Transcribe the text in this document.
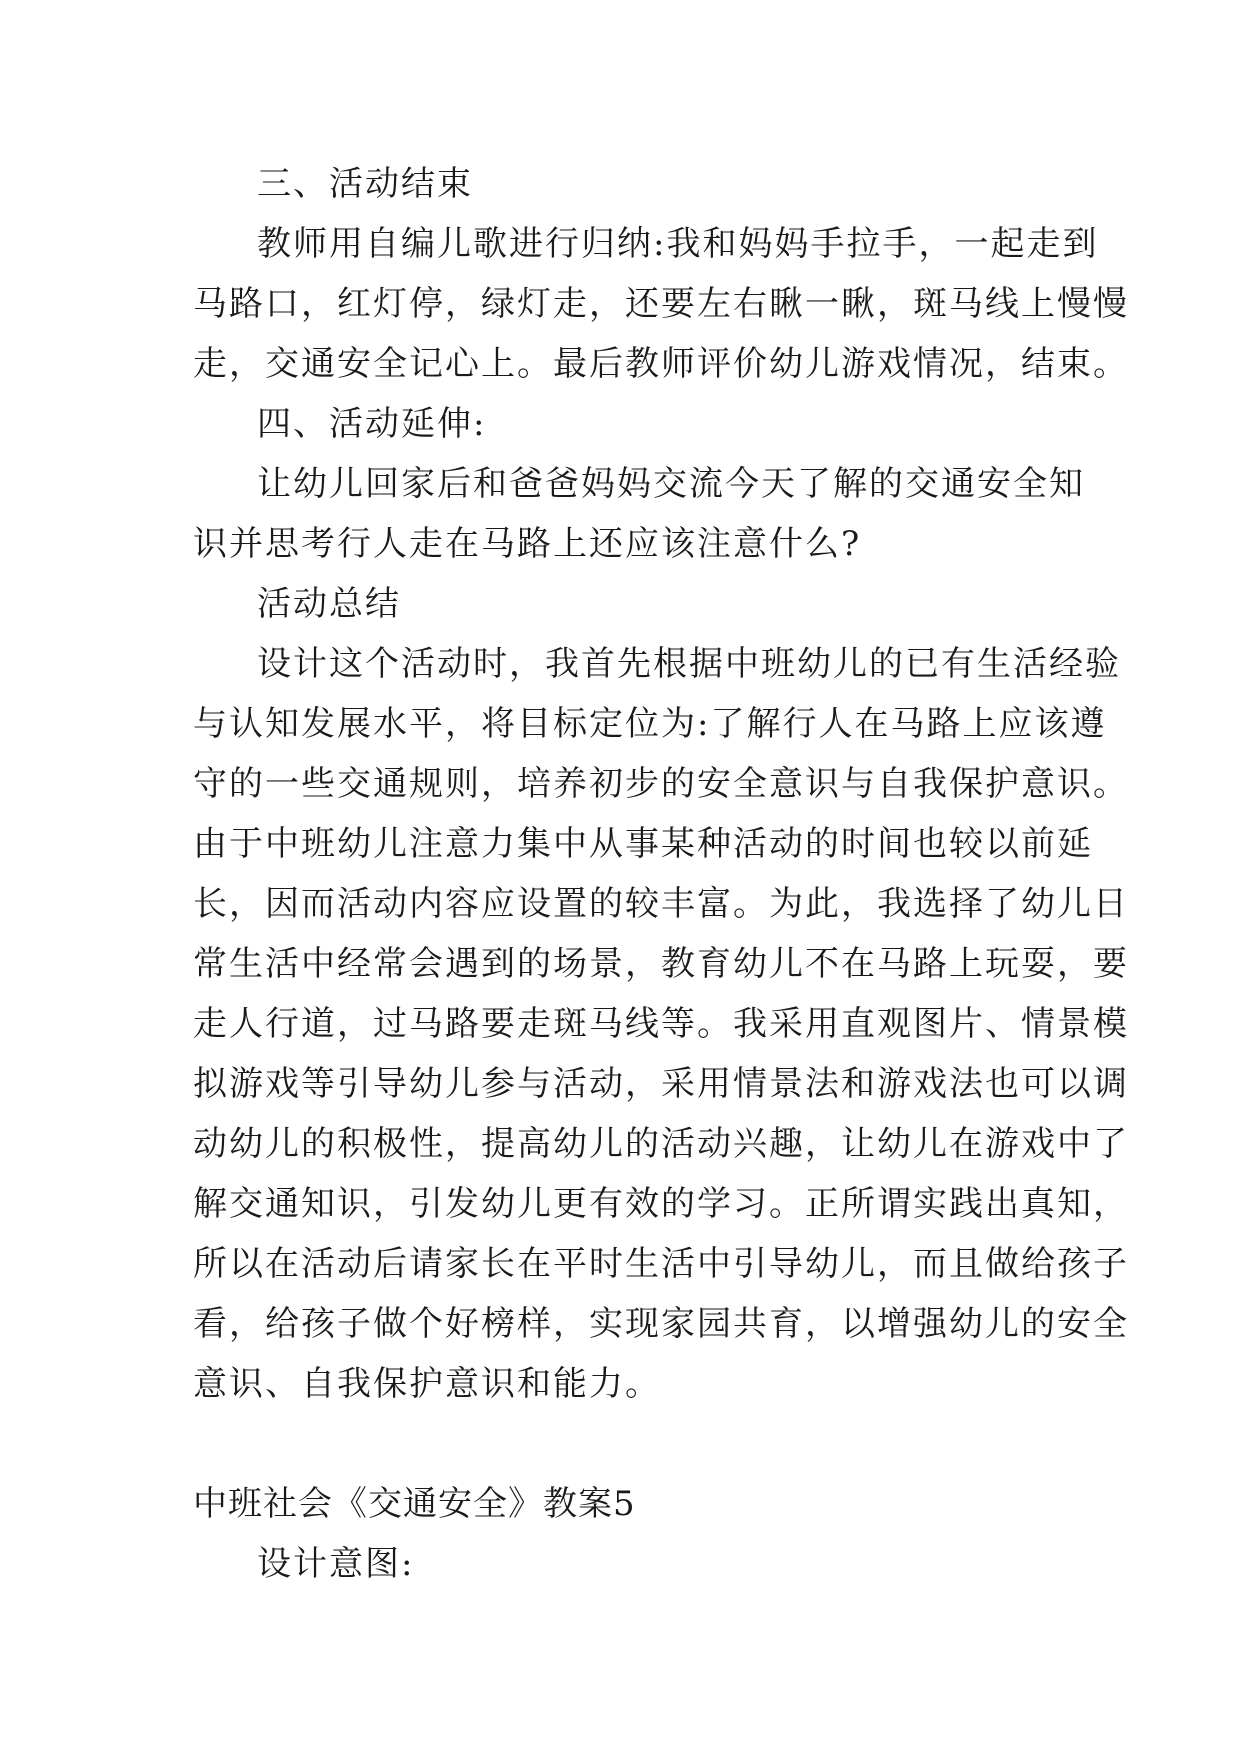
三、活动结束
教师用自编儿歌进行归纳:我和妈妈手拉手，一起走到
马路口，红灯停，绿灯走，还要左右瞅一瞅，斑马线上慢慢
走，交通安全记心上。最后教师评价幼儿游戏情况，结束。
四、活动延伸:
让幼儿回家后和爸爸妈妈交流今天了解的交通安全知
识并思考行人走在马路上还应该注意什么?
活动总结
设计这个活动时，我首先根据中班幼儿的已有生活经验
与认知发展水平，将目标定位为:了解行人在马路上应该遵
守的一些交通规则，培养初步的安全意识与自我保护意识。
由于中班幼儿注意力集中从事某种活动的时间也较以前延
长，因而活动内容应设置的较丰富。为此，我选择了幼儿日
常生活中经常会遇到的场景，教育幼儿不在马路上玩耍，要
走人行道，过马路要走斑马线等。我采用直观图片、情景模
拟游戏等引导幼儿参与活动，采用情景法和游戏法也可以调
动幼儿的积极性，提高幼儿的活动兴趣，让幼儿在游戏中了
解交通知识，引发幼儿更有效的学习。正所谓实践出真知，
所以在活动后请家长在平时生活中引导幼儿，而且做给孩子
看，给孩子做个好榜样，实现家园共育，以增强幼儿的安全
意识、自我保护意识和能力。
中班社会《交通安全》教案5
设计意图:
